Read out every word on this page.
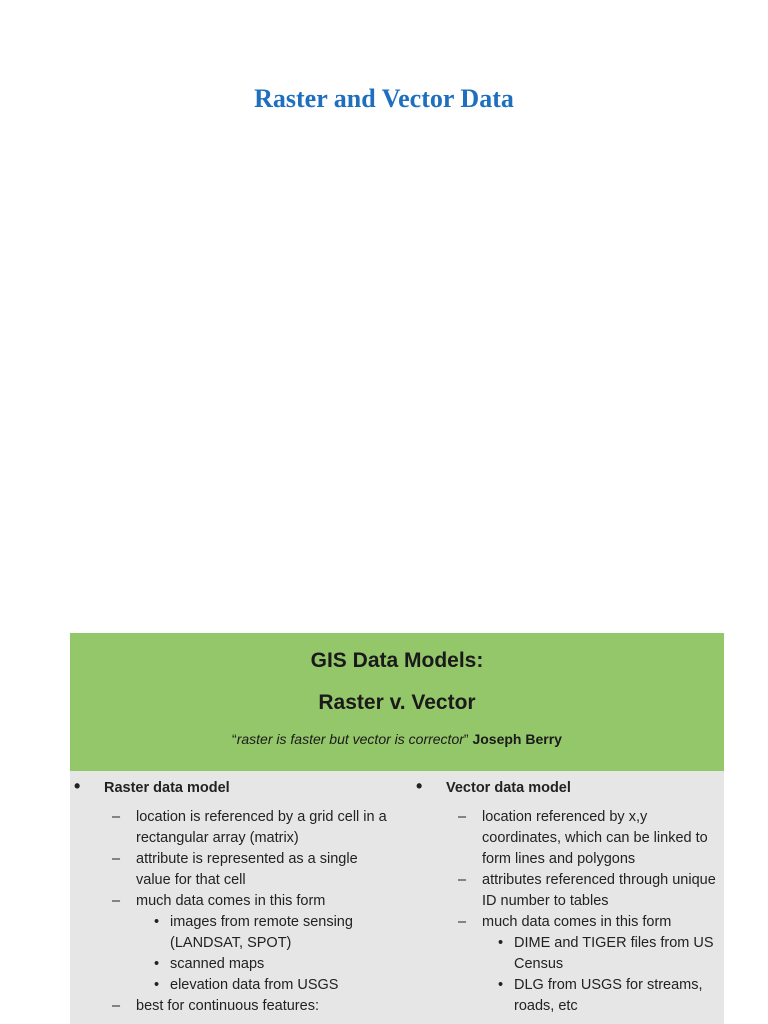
Raster and Vector Data
GIS Data Models:
Raster v. Vector
“raster is faster but vector is corrector” Joseph Berry
• Raster data model
– location is referenced by a grid cell in a rectangular array (matrix)
– attribute is represented as a single value for that cell
– much data comes in this form
• images from remote sensing (LANDSAT, SPOT)
• scanned maps
• elevation data from USGS
– best for continuous features:
• Vector data model
– location referenced by x,y coordinates, which can be linked to form lines and polygons
– attributes referenced through unique ID number to tables
– much data comes in this form
• DIME and TIGER files from US Census
• DLG from USGS for streams, roads, etc
